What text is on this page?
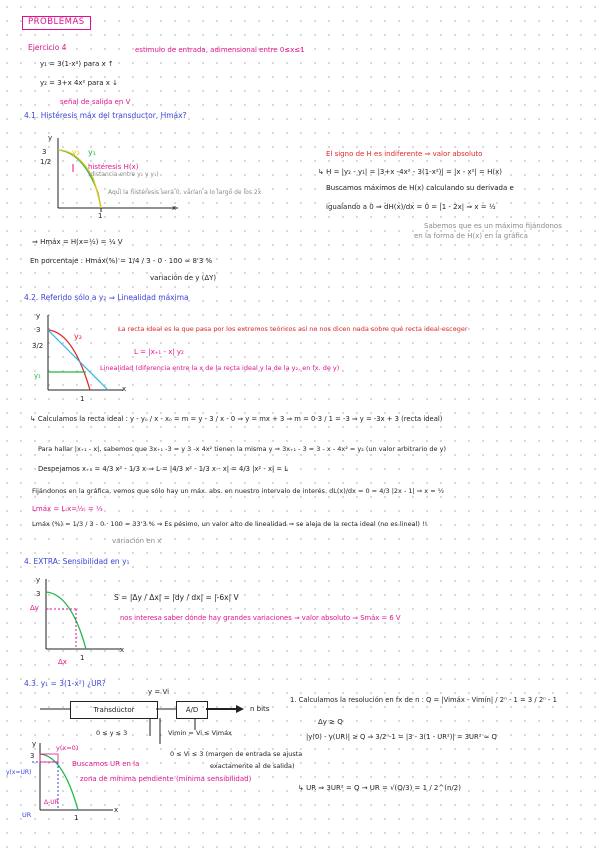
PROBLEMAS
Ejercicio 4
y₁ = 3(1-x²) para x ↑
estimulo de entrada, adimensional entre 0≤x≤1
y₂ = 3+x 4x² para x ↓
señal de salida en V
4.1. Histéresis máx del transductor, Hmáx?
y
x
1
3
1/2
y₂ y₁
histéresis H(x)
(distancia entre y₂ y y₁)
Aquí la histéresis será 0, varían a lo largo de los 2x
El signo de H es indiferente ⇒ valor absoluto
↳ H = |y₂ - y₁| = |3+x -4x² - 3(1-x²)| = |x - x²| = H(x)
Buscamos máximos de H(x) calculando su derivada e
igualando a 0 ⇒ dH(x)/dx = 0 = |1 - 2x| ⇒ x = ½
Sabemos que es un máximo fijándonos
en la forma de H(x) en la gráfica
⇒ Hmáx = H(x=½) = ¼ V
En porcentaje : Hmáx(%) = 1/4 / 3 - 0 · 100 ≈ 8'3 %
variación de y (ΔY)
4.2. Referido sólo a y₂ ⇒ Linealidad máxima
y
x
1
3
3/2
y₂
y₁
La recta ideal es la que pasa por los extremos teóricos así no nos dicen nada sobre qué recta ideal escoger
L = |x₊₁ - x| y₂
Linealidad (diferencia entre la x de la recta ideal y la de la y₂, en fx. de y)
↳ Calculamos la recta ideal : y - y₀ / x - x₀ = m = y - 3 / x - 0 ⇒ y = mx + 3 ⇒ m = 0-3 / 1 = -3 ⇒ y = -3x + 3 (recta ideal)
Para hallar |x₊₁ - x|, sabemos que 3x₊₁ -3 = y 3 -x 4x² tienen la misma y ⇒ 3x₊₁ - 3 = 3 - x - 4x² = y₂ (un valor arbitrario de y)
Despejamos x₊₁ = 4/3 x² - 1/3 x ⇒ L = |4/3 x² - 1/3 x - x| = 4/3 |x² - x| = L
Fijándonos en la gráfica, vemos que sólo hay un máx. abs. en nuestro intervalo de interés. dL(x)/dx = 0 = 4/3 |2x - 1| ⇒ x = ½
Lmáx = L₍x=½₎ = ⅓
Lmáx (%) = 1/3 / 3 - 0 · 100 = 33'3 % ⇒ Es pésimo, un valor alto de linealidad ⇒ se aleja de la recta ideal (no es lineal) !!
variación en x
4. EXTRA: Sensibilidad en y₁
y
x
1
3
Δy
Δx
S = |Δy / Δx| = |dy / dx| = |-6x| V
nos interesa saber dónde hay grandes variaciones ⇒ valor absoluto ⇒ Smáx = 6 V
4.3. y₁ = 3(1-x²) ¿UR?
y = Vi
Transductor	A/D	n bits
0 ≤ y ≤ 3	Vimin = Vi ≤ Vimáx
0 ≤ Vi ≤ 3 (margen de entrada se ajusta
exactamente al de salida)
y
x
1
3
y(x=0)
y(x=UR)
UR
Δ-UR
Buscamos UR en la
zona de mínima pendiente (mínima sensibilidad)
1. Calculamos la resolución en fx de n : Q = |Vimáx - Vimín| / 2ⁿ - 1 = 3 / 2ⁿ - 1
Δy ≥ Q
|y(0) - y(UR)| ≥ Q ⇒ 3/2ⁿ-1 = |3 - 3(1 - UR²)| = 3UR² ≈ Q
↳ UR ⇒ 3UR² = Q → UR = √(Q/3) = 1 / 2^(n/2)
